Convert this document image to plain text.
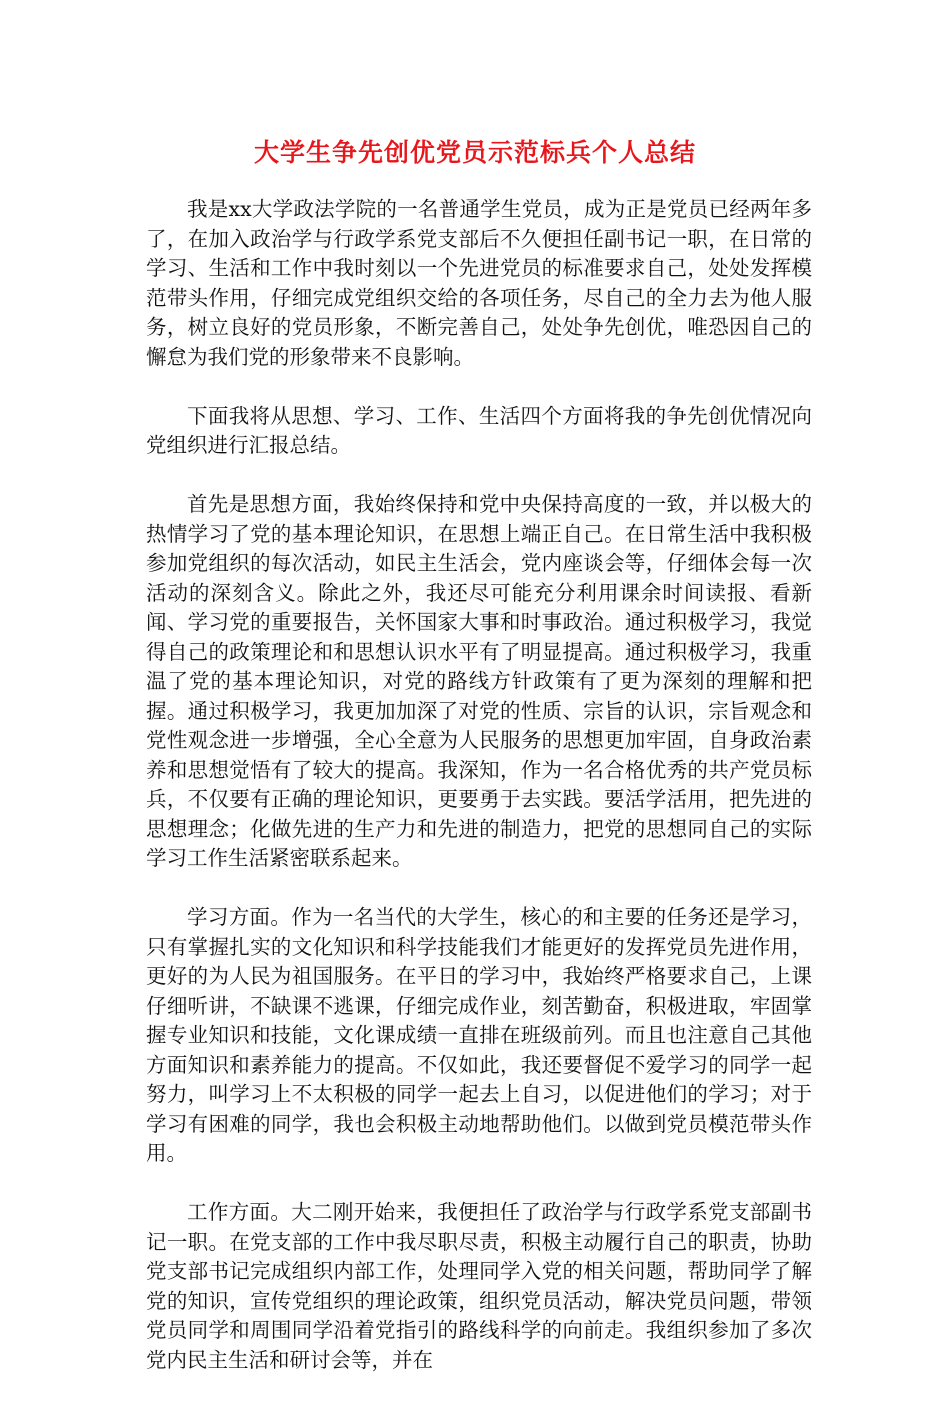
大学生争先创优党员示范标兵个人总结

我是xx大学政法学院的一名普通学生党员，成为正是党员已经两年多了，在加入政治学与行政学系党支部后不久便担任副书记一职，在日常的学习、生活和工作中我时刻以一个先进党员的标准要求自己，处处发挥模范带头作用，仔细完成党组织交给的各项任务，尽自己的全力去为他人服务，树立良好的党员形象，不断完善自己，处处争先创优，唯恐因自己的懈怠为我们党的形象带来不良影响。

下面我将从思想、学习、工作、生活四个方面将我的争先创优情况向党组织进行汇报总结。

首先是思想方面，我始终保持和党中央保持高度的一致，并以极大的热情学习了党的基本理论知识，在思想上端正自己。在日常生活中我积极参加党组织的每次活动，如民主生活会，党内座谈会等，仔细体会每一次活动的深刻含义。除此之外，我还尽可能充分利用课余时间读报、看新闻、学习党的重要报告，关怀国家大事和时事政治。通过积极学习，我觉得自己的政策理论和和思想认识水平有了明显提高。通过积极学习，我重温了党的基本理论知识，对党的路线方针政策有了更为深刻的理解和把握。通过积极学习，我更加加深了对党的性质、宗旨的认识，宗旨观念和党性观念进一步增强，全心全意为人民服务的思想更加牢固，自身政治素养和思想觉悟有了较大的提高。我深知，作为一名合格优秀的共产党员标兵，不仅要有正确的理论知识，更要勇于去实践。要活学活用，把先进的思想理念；化做先进的生产力和先进的制造力，把党的思想同自己的实际学习工作生活紧密联系起来。

学习方面。作为一名当代的大学生，核心的和主要的任务还是学习，只有掌握扎实的文化知识和科学技能我们才能更好的发挥党员先进作用，更好的为人民为祖国服务。在平日的学习中，我始终严格要求自己，上课仔细听讲，不缺课不逃课，仔细完成作业，刻苦勤奋，积极进取，牢固掌握专业知识和技能，文化课成绩一直排在班级前列。而且也注意自己其他方面知识和素养能力的提高。不仅如此，我还要督促不爱学习的同学一起努力，叫学习上不太积极的同学一起去上自习，以促进他们的学习；对于学习有困难的同学，我也会积极主动地帮助他们。以做到党员模范带头作用。

工作方面。大二刚开始来，我便担任了政治学与行政学系党支部副书记一职。在党支部的工作中我尽职尽责，积极主动履行自己的职责，协助党支部书记完成组织内部工作，处理同学入党的相关问题，帮助同学了解党的知识，宣传党组织的理论政策，组织党员活动，解决党员问题，带领党员同学和周围同学沿着党指引的路线科学的向前走。我组织参加了多次党内民主生活和研讨会等，并在
